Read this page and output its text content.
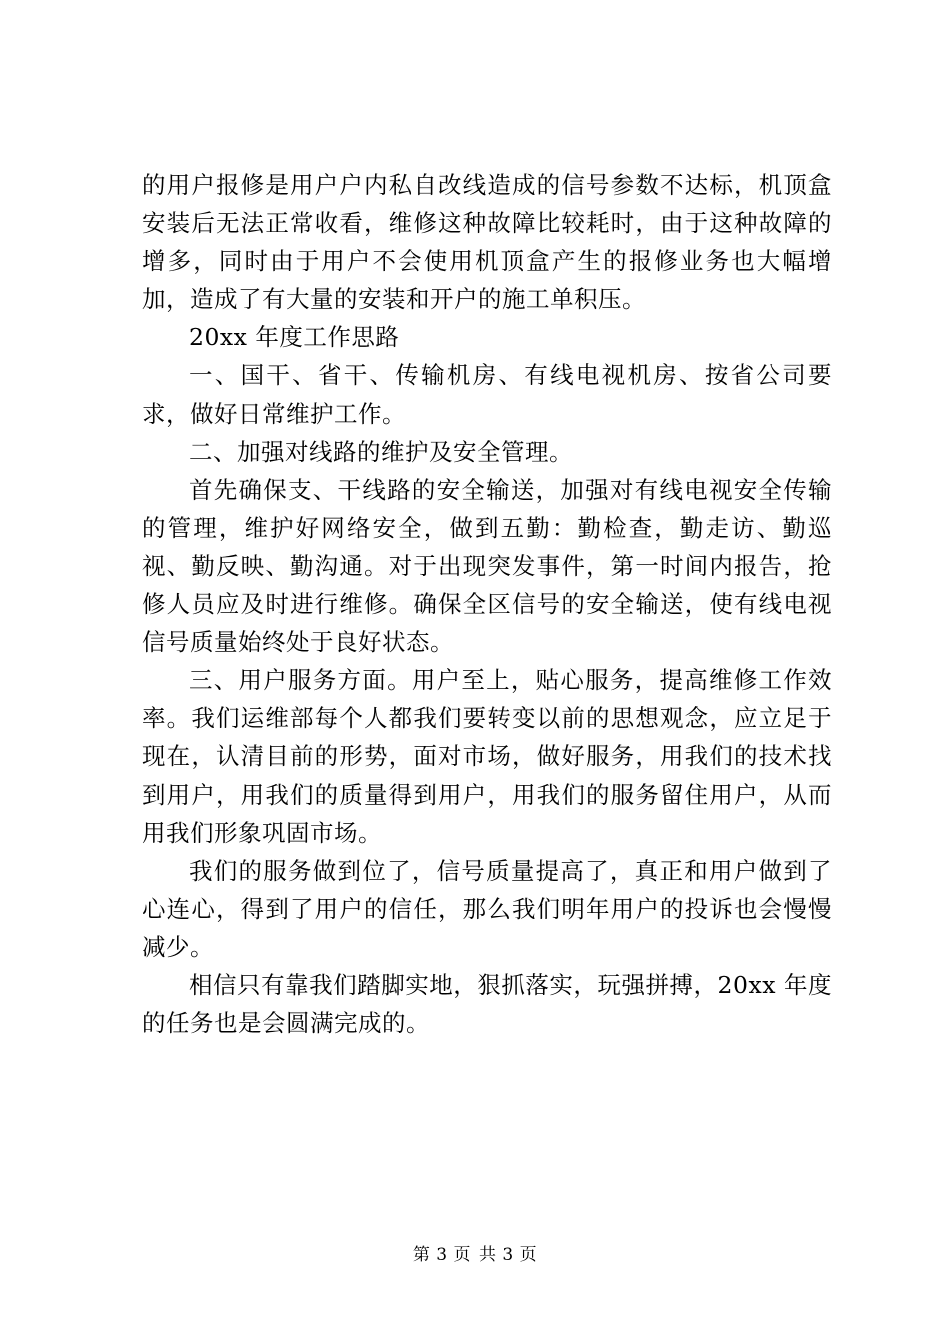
的用户报修是用户户内私自改线造成的信号参数不达标，机顶盒安装后无法正常收看，维修这种故障比较耗时，由于这种故障的增多，同时由于用户不会使用机顶盒产生的报修业务也大幅增加，造成了有大量的安装和开户的施工单积压。

20xx 年度工作思路

一、国干、省干、传输机房、有线电视机房、按省公司要求，做好日常维护工作。

二、加强对线路的维护及安全管理。

首先确保支、干线路的安全输送，加强对有线电视安全传输的管理，维护好网络安全，做到五勤：勤检查，勤走访、勤巡视、勤反映、勤沟通。对于出现突发事件，第一时间内报告，抢修人员应及时进行维修。确保全区信号的安全输送，使有线电视信号质量始终处于良好状态。

三、用户服务方面。用户至上，贴心服务，提高维修工作效率。我们运维部每个人都我们要转变以前的思想观念，应立足于现在，认清目前的形势，面对市场，做好服务，用我们的技术找到用户，用我们的质量得到用户，用我们的服务留住用户，从而用我们形象巩固市场。

我们的服务做到位了，信号质量提高了，真正和用户做到了心连心，得到了用户的信任，那么我们明年用户的投诉也会慢慢减少。

相信只有靠我们踏脚实地，狠抓落实，玩强拼搏，20xx 年度的任务也是会圆满完成的。

第 3 页 共 3 页
